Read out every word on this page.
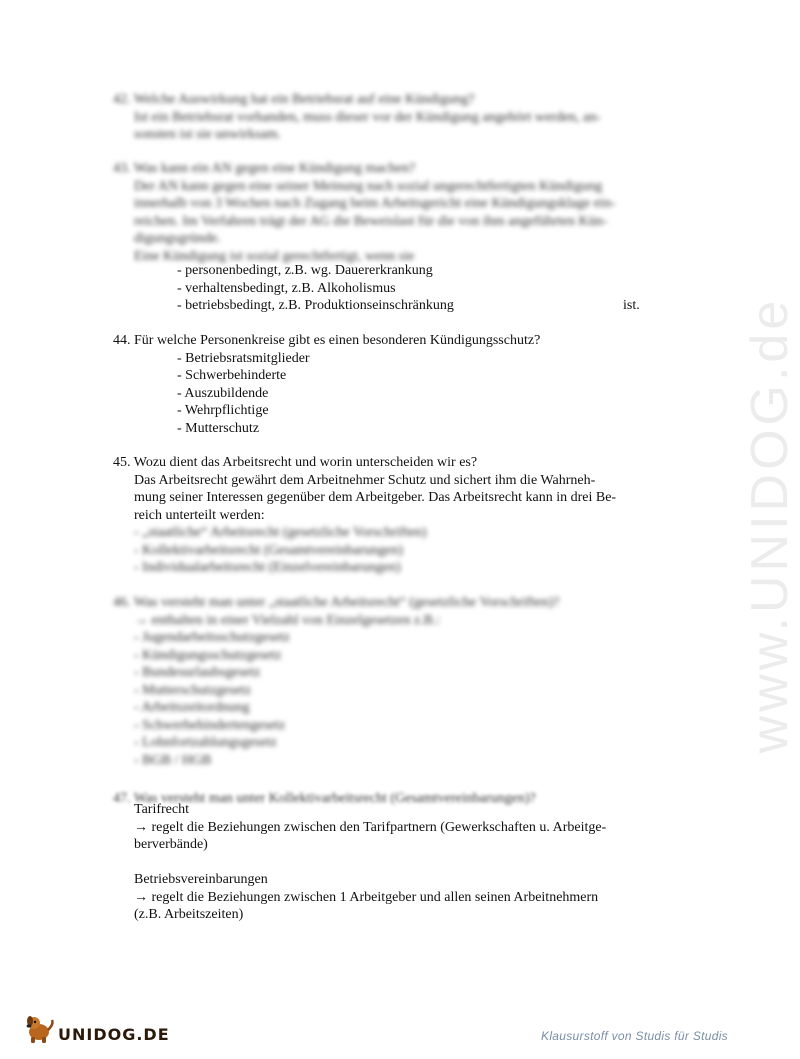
www.UNIDOG.de
42. Welche Auswirkung hat ein Betriebsrat auf eine Kündigung?
Ist ein Betriebsrat vorhanden, muss dieser vor der Kündigung angehört werden, an-
sonsten ist sie unwirksam.
43. Was kann ein AN gegen eine Kündigung machen?
Der AN kann gegen eine seiner Meinung nach sozial ungerechtfertigten Kündigung
innerhalb von 3 Wochen nach Zugang beim Arbeitsgericht eine Kündigungsklage ein-
reichen. Im Verfahren trägt der AG die Beweislast für die von ihm angeführten Kün-
digungsgründe.
Eine Kündigung ist sozial gerechtfertigt, wenn sie
- personenbedingt, z.B. wg. Dauererkrankung
- verhaltensbedingt, z.B. Alkoholismus
- betriebsbedingt, z.B. Produktionseinschränkung	ist.
44. Für welche Personenkreise gibt es einen besonderen Kündigungsschutz?
- Betriebsratsmitglieder
- Schwerbehinderte
- Auszubildende
- Wehrpflichtige
- Mutterschutz
45. Wozu dient das Arbeitsrecht und worin unterscheiden wir es?
Das Arbeitsrecht gewährt dem Arbeitnehmer Schutz und sichert ihm die Wahrneh-
mung seiner Interessen gegenüber dem Arbeitgeber. Das Arbeitsrecht kann in drei Be-
reich unterteilt werden:
- „staatliche“ Arbeitsrecht (gesetzliche Vorschriften)
- Kollektivarbeitsrecht (Gesamtvereinbarungen)
- Individualarbeitsrecht (Einzelvereinbarungen)
46. Was versteht man unter „staatliche Arbeitsrecht“ (gesetzliche Vorschriften)?
→ enthalten in einer Vielzahl von Einzelgesetzen z.B.:
- Jugendarbeitsschutzgesetz
- Kündigungsschutzgesetz
- Bundesurlaubsgesetz
- Mutterschutzgesetz
- Arbeitszeitordnung
- Schwerbehindertengesetz
- Lohnfortzahlungsgesetz
- BGB / HGB
47. Was versteht man unter Kollektivarbeitsrecht (Gesamtvereinbarungen)?
Tarifrecht
→ regelt die Beziehungen zwischen den Tarifpartnern (Gewerkschaften u. Arbeitge-
berverbände)
Betriebsvereinbarungen
→ regelt die Beziehungen zwischen 1 Arbeitgeber und allen seinen Arbeitnehmern
(z.B. Arbeitszeiten)
UNIDOG.DE	Klausurstoff von Studis für Studis
